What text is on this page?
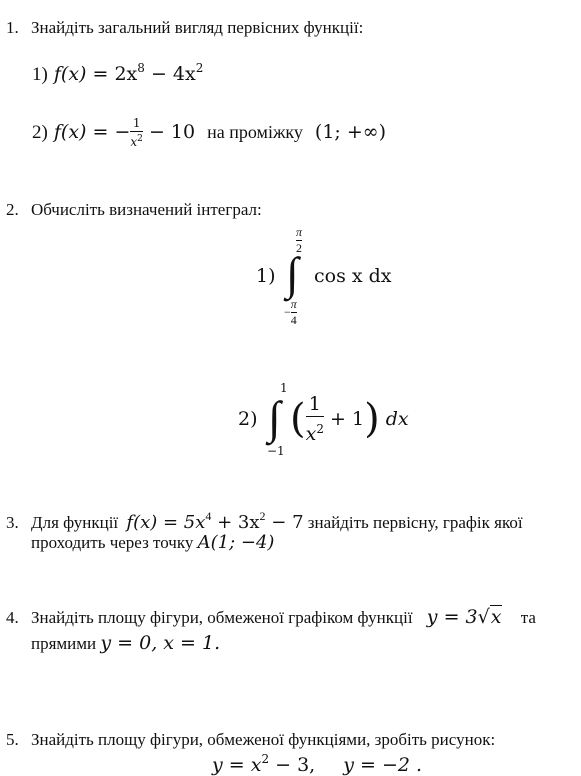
1. Знайдіть загальний вигляд первісних функції:
1) $f(x) = 2x^8 - 4x^2$
2) f(x) = − $\frac{1}{x^2} - 10$ на проміжку (1; +∞)
2. Обчисліть визначений інтеграл:
1)
$\frac{\pi}{2}$
∫
− $\frac{\pi}{4}$
cos x dx
2)
1
∫
−1
( $\frac{1}{x^2} + 1$) dx
3. Для функції $f(x) = 5x^4 + 3x^2 - 7$ знайдіть первісну, графік якої
проходить через точку A(1; −4)
4. Знайдіть площу фігури, обмеженої графіком функції y = 3√x та
прямими y = 0, x = 1.
5. Знайдіть площу фігури, обмеженої функціями, зробіть рисунок:
$y = x^2 - 3$, y = −2 .
